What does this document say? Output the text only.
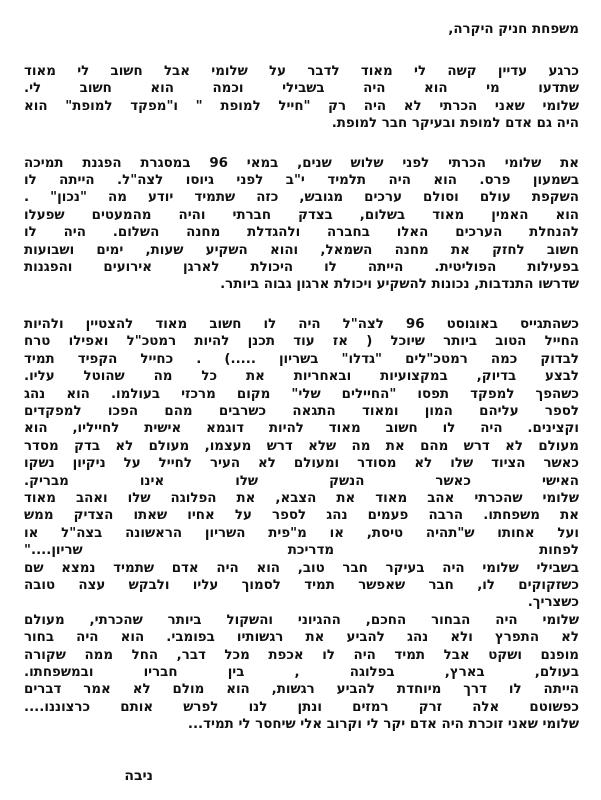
משפחת חניק היקרה,
כרגע עדיין קשה לי מאוד לדבר על שלומי אבל חשוב לי מאוד
שתדעו מי הוא היה בשבילי וכמה הוא חשוב לי.
שלומי שאני הכרתי לא היה רק "חייל למופת " ו"מפקד למופת" הוא
היה גם אדם למופת ובעיקר חבר למופת.
את שלומי הכרתי לפני שלוש שנים, במאי 96 במסגרת הפגנת תמיכה
בשמעון פרס. הוא היה תלמיד י"ב לפני גיוסו לצה"ל. הייתה לו
השקפת עולם וסולם ערכים מגובש, כזה שתמיד יודע מה "נכון" .
הוא האמין מאוד בשלום, בצדק חברתי והיה מהמעטים שפעלו
להנחלת הערכים האלו בחברה ולהגדלת מחנה השלום. היה לו
חשוב לחזק את מחנה השמאל, והוא השקיע שעות, ימים ושבועות
בפעילות הפוליטית. הייתה לו היכולת לארגן אירועים והפגנות
שדרשו התנדבות, נכונות להשקיע ויכולת ארגון גבוה ביותר.
כשהתגייס באוגוסט 96 לצה"ל היה לו חשוב מאוד להצטיין ולהיות
החייל הטוב ביותר שיוכל ( אז עוד תכנן להיות רמטכ"ל ואפילו טרח
לבדוק כמה רמטכ"לים "גדלו" בשריון .....) . כחייל הקפיד תמיד
לבצע בדיוק, במקצועיות ובאחריות את כל מה שהוטל עליו.
כשהפך למפקד תפסו "החיילים שלי" מקום מרכזי בעולמו. הוא נהג
לספר עליהם המון ומאוד התגאה כשרבים מהם הפכו למפקדים
וקצינים. היה לו חשוב מאוד להיות דוגמא אישית לחייליו, הוא
מעולם לא דרש מהם את מה שלא דרש מעצמו, מעולם לא בדק מסדר
כאשר הציוד שלו לא מסודר ומעולם לא העיר לחייל על ניקיון נשקו
האישי כאשר הנשק שלו אינו מבריק.
שלומי שהכרתי אהב מאוד את הצבא, את הפלוגה שלו ואהב מאוד
את משפחתו. הרבה פעמים נהג לספר על אחיו שאתו הצדיק ממש
ועל אחותו ש"תהיה טיסת, או מ"פית השריון הראשונה בצה"ל או
לפחות מדריכת שריון...."
בשבילי שלומי היה בעיקר חבר טוב, הוא היה אדם שתמיד נמצא שם
כשזקוקים לו, חבר שאפשר תמיד לסמוך עליו ולבקש עצה טובה
כשצריך.
שלומי היה הבחור החכם, ההגיוני והשקול ביותר שהכרתי, מעולם
לא התפרץ ולא נהג להביע את רגשותיו בפומבי. הוא היה בחור
מופנם ושקט אבל תמיד היה לו אכפת מכל דבר, החל ממה שקורה
בעולם, בארץ, בפלוגה , בין חבריו ובמשפחתו.
הייתה לו דרך מיוחדת להביע רגשות, הוא מולם לא אמר דברים
כפשוטם אלה זרק רמזים ונתן לנו לפרש אותם כרצוננו....
שלומי שאני זוכרת היה אדם יקר לי וקרוב אלי שיחסר לי תמיד...
ניבה
